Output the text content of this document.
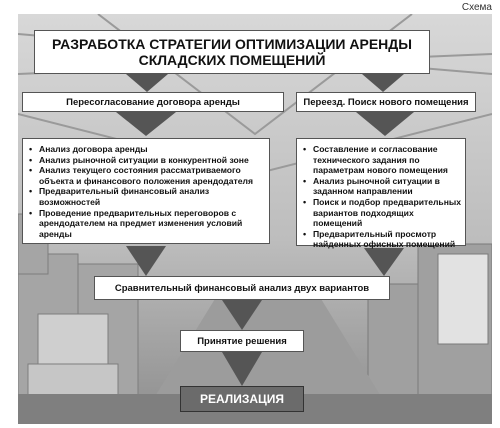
Схема
РАЗРАБОТКА СТРАТЕГИИ ОПТИМИЗАЦИИ АРЕНДЫ
СКЛАДСКИХ ПОМЕЩЕНИЙ
Пересогласование договора аренды	Переезд. Поиск нового помещения
• Анализ договора аренды
• Анализ рыночной ситуации в конкурентной зоне
• Анализ текущего состояния рассматриваемого объекта и финансового положения арендодателя
• Предварительный финансовый анализ возможностей
• Проведение предварительных переговоров с арендодателем на предмет изменения условий аренды
• Составление и согласование технического задания по параметрам нового помещения
• Анализ рыночной ситуации в заданном направлении
• Поиск и подбор предварительных вариантов подходящих помещений
• Предварительный просмотр найденных офисных помещений
Сравнительный финансовый анализ двух вариантов
Принятие решения
РЕАЛИЗАЦИЯ
